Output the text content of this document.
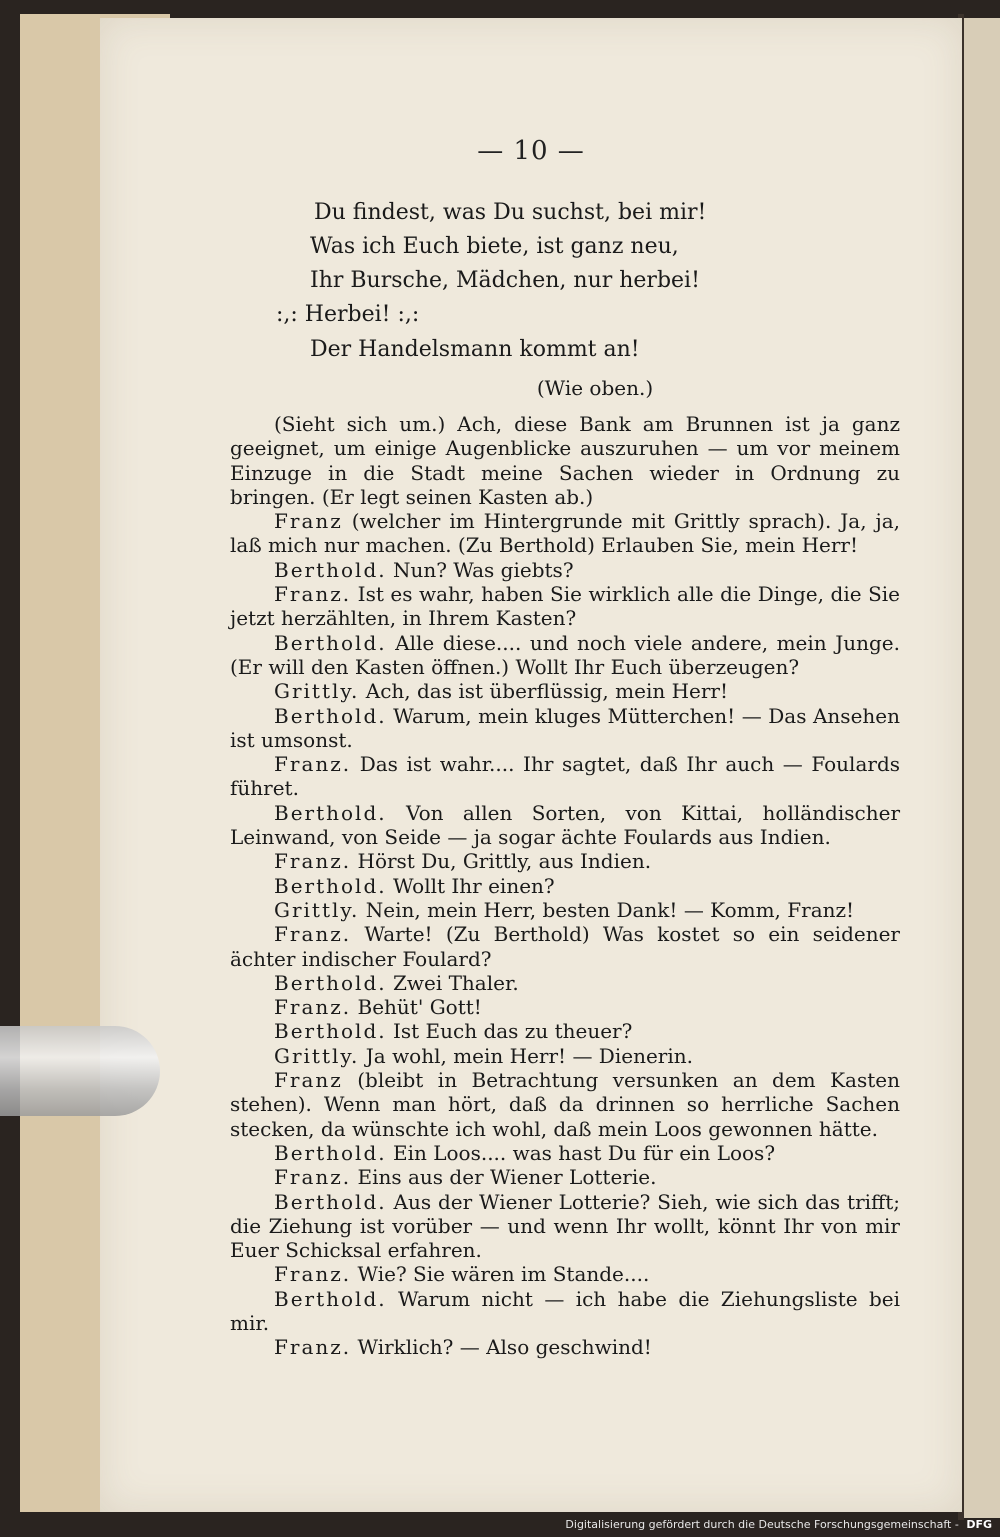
— 10 —
Du findest, was Du suchst, bei mir!
Was ich Euch biete, ist ganz neu,
Ihr Bursche, Mädchen, nur herbei!
:,: Herbei! :,:
Der Handelsmann kommt an!
(Wie oben.)

(Sieht sich um.) Ach, diese Bank am Brunnen ist ja ganz geeignet, um einige Augenblicke auszuruhen — um vor meinem Einzuge in die Stadt meine Sachen wieder in Ordnung zu bringen. (Er legt seinen Kasten ab.)

Franz (welcher im Hintergrunde mit Grittly sprach). Ja, ja, laß mich nur machen. (Zu Berthold) Erlauben Sie, mein Herr!

Berthold. Nun? Was giebts?

Franz. Ist es wahr, haben Sie wirklich alle die Dinge, die Sie jetzt herzählten, in Ihrem Kasten?

Berthold. Alle diese.... und noch viele andere, mein Junge. (Er will den Kasten öffnen.) Wollt Ihr Euch überzeugen?

Grittly. Ach, das ist überflüssig, mein Herr!

Berthold. Warum, mein kluges Mütterchen! — Das Ansehen ist umsonst.

Franz. Das ist wahr.... Ihr sagtet, daß Ihr auch — Foulards führet.

Berthold. Von allen Sorten, von Kittai, holländischer Leinwand, von Seide — ja sogar ächte Foulards aus Indien.

Franz. Hörst Du, Grittly, aus Indien.

Berthold. Wollt Ihr einen?

Grittly. Nein, mein Herr, besten Dank! — Komm, Franz!

Franz. Warte! (Zu Berthold) Was kostet so ein seidener ächter indischer Foulard?

Berthold. Zwei Thaler.

Franz. Behüt' Gott!

Berthold. Ist Euch das zu theuer?

Grittly. Ja wohl, mein Herr! — Dienerin.

Franz (bleibt in Betrachtung versunken an dem Kasten stehen). Wenn man hört, daß da drinnen so herrliche Sachen stecken, da wünschte ich wohl, daß mein Loos gewonnen hätte.

Berthold. Ein Loos.... was hast Du für ein Loos?

Franz. Eins aus der Wiener Lotterie.

Berthold. Aus der Wiener Lotterie? Sieh, wie sich das trifft; die Ziehung ist vorüber — und wenn Ihr wollt, könnt Ihr von mir Euer Schicksal erfahren.

Franz. Wie? Sie wären im Stande....

Berthold. Warum nicht — ich habe die Ziehungsliste bei mir.

Franz. Wirklich? — Also geschwind!

Digitalisierung gefördert durch die Deutsche Forschungsgemeinschaft - DFG
